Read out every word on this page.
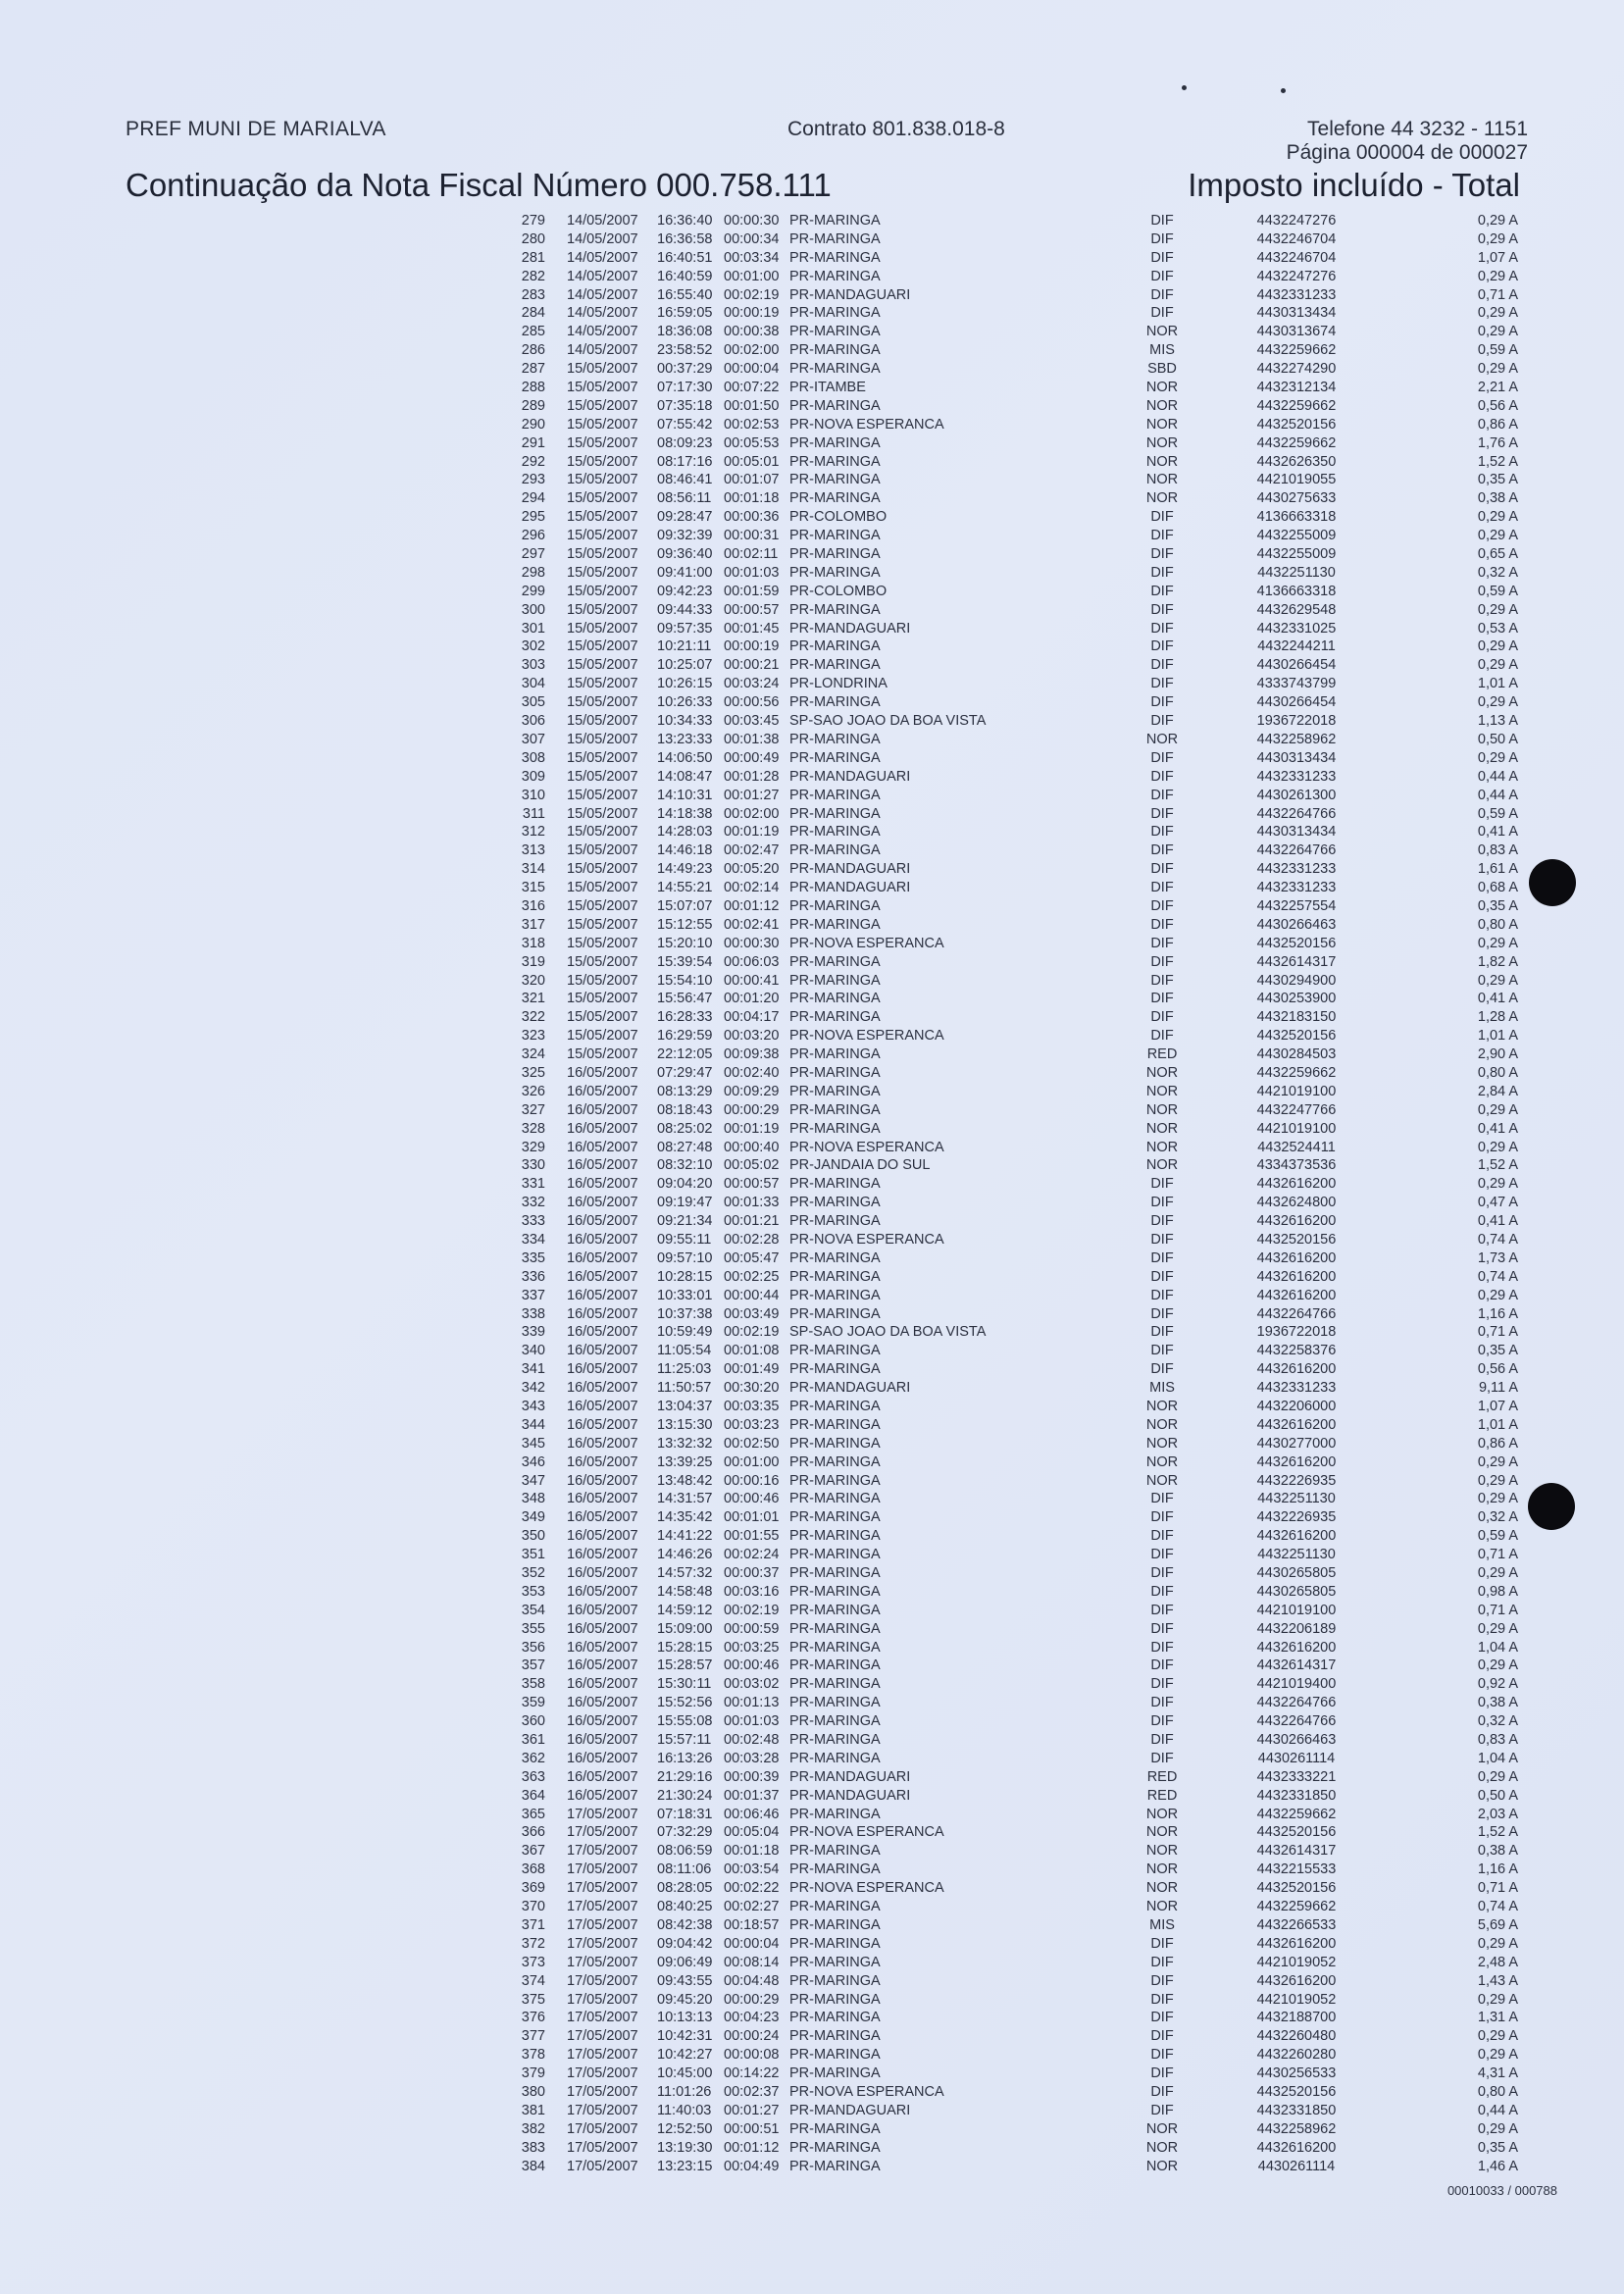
PREF MUNI DE MARIALVA	Contrato 801.838.018-8	Telefone 44 3232 - 1151
Página 000004 de 000027
Continuação da Nota Fiscal Número 000.758.111	Imposto incluído - Total
279 14/05/2007 16:36:40 00:00:30 PR-MARINGA	DIF	4432247276	0,29 A
280 14/05/2007 16:36:58 00:00:34 PR-MARINGA	DIF	4432246704	0,29 A
281 14/05/2007 16:40:51 00:03:34 PR-MARINGA	DIF	4432246704	1,07 A
282 14/05/2007 16:40:59 00:01:00 PR-MARINGA	DIF	4432247276	0,29 A
283 14/05/2007 16:55:40 00:02:19 PR-MANDAGUARI	DIF	4432331233	0,71 A
284 14/05/2007 16:59:05 00:00:19 PR-MARINGA	DIF	4430313434	0,29 A
285 14/05/2007 18:36:08 00:00:38 PR-MARINGA	NOR	4430313674	0,29 A
286 14/05/2007 23:58:52 00:02:00 PR-MARINGA	MIS	4432259662	0,59 A
287 15/05/2007 00:37:29 00:00:04 PR-MARINGA	SBD	4432274290	0,29 A
288 15/05/2007 07:17:30 00:07:22 PR-ITAMBE	NOR	4432312134	2,21 A
289 15/05/2007 07:35:18 00:01:50 PR-MARINGA	NOR	4432259662	0,56 A
290 15/05/2007 07:55:42 00:02:53 PR-NOVA ESPERANCA	NOR	4432520156	0,86 A
291 15/05/2007 08:09:23 00:05:53 PR-MARINGA	NOR	4432259662	1,76 A
292 15/05/2007 08:17:16 00:05:01 PR-MARINGA	NOR	4432626350	1,52 A
293 15/05/2007 08:46:41 00:01:07 PR-MARINGA	NOR	4421019055	0,35 A
294 15/05/2007 08:56:11 00:01:18 PR-MARINGA	NOR	4430275633	0,38 A
295 15/05/2007 09:28:47 00:00:36 PR-COLOMBO	DIF	4136663318	0,29 A
296 15/05/2007 09:32:39 00:00:31 PR-MARINGA	DIF	4432255009	0,29 A
297 15/05/2007 09:36:40 00:02:11 PR-MARINGA	DIF	4432255009	0,65 A
298 15/05/2007 09:41:00 00:01:03 PR-MARINGA	DIF	4432251130	0,32 A
299 15/05/2007 09:42:23 00:01:59 PR-COLOMBO	DIF	4136663318	0,59 A
300 15/05/2007 09:44:33 00:00:57 PR-MARINGA	DIF	4432629548	0,29 A
301 15/05/2007 09:57:35 00:01:45 PR-MANDAGUARI	DIF	4432331025	0,53 A
302 15/05/2007 10:21:11 00:00:19 PR-MARINGA	DIF	4432244211	0,29 A
303 15/05/2007 10:25:07 00:00:21 PR-MARINGA	DIF	4430266454	0,29 A
304 15/05/2007 10:26:15 00:03:24 PR-LONDRINA	DIF	4333743799	1,01 A
305 15/05/2007 10:26:33 00:00:56 PR-MARINGA	DIF	4430266454	0,29 A
306 15/05/2007 10:34:33 00:03:45 SP-SAO JOAO DA BOA VISTA	DIF	1936722018	1,13 A
307 15/05/2007 13:23:33 00:01:38 PR-MARINGA	NOR	4432258962	0,50 A
308 15/05/2007 14:06:50 00:00:49 PR-MARINGA	DIF	4430313434	0,29 A
309 15/05/2007 14:08:47 00:01:28 PR-MANDAGUARI	DIF	4432331233	0,44 A
310 15/05/2007 14:10:31 00:01:27 PR-MARINGA	DIF	4430261300	0,44 A
311 15/05/2007 14:18:38 00:02:00 PR-MARINGA	DIF	4432264766	0,59 A
312 15/05/2007 14:28:03 00:01:19 PR-MARINGA	DIF	4430313434	0,41 A
313 15/05/2007 14:46:18 00:02:47 PR-MARINGA	DIF	4432264766	0,83 A
314 15/05/2007 14:49:23 00:05:20 PR-MANDAGUARI	DIF	4432331233	1,61 A
315 15/05/2007 14:55:21 00:02:14 PR-MANDAGUARI	DIF	4432331233	0,68 A
316 15/05/2007 15:07:07 00:01:12 PR-MARINGA	DIF	4432257554	0,35 A
317 15/05/2007 15:12:55 00:02:41 PR-MARINGA	DIF	4430266463	0,80 A
318 15/05/2007 15:20:10 00:00:30 PR-NOVA ESPERANCA	DIF	4432520156	0,29 A
319 15/05/2007 15:39:54 00:06:03 PR-MARINGA	DIF	4432614317	1,82 A
320 15/05/2007 15:54:10 00:00:41 PR-MARINGA	DIF	4430294900	0,29 A
321 15/05/2007 15:56:47 00:01:20 PR-MARINGA	DIF	4430253900	0,41 A
322 15/05/2007 16:28:33 00:04:17 PR-MARINGA	DIF	4432183150	1,28 A
323 15/05/2007 16:29:59 00:03:20 PR-NOVA ESPERANCA	DIF	4432520156	1,01 A
324 15/05/2007 22:12:05 00:09:38 PR-MARINGA	RED	4430284503	2,90 A
325 16/05/2007 07:29:47 00:02:40 PR-MARINGA	NOR	4432259662	0,80 A
326 16/05/2007 08:13:29 00:09:29 PR-MARINGA	NOR	4421019100	2,84 A
327 16/05/2007 08:18:43 00:00:29 PR-MARINGA	NOR	4432247766	0,29 A
328 16/05/2007 08:25:02 00:01:19 PR-MARINGA	NOR	4421019100	0,41 A
329 16/05/2007 08:27:48 00:00:40 PR-NOVA ESPERANCA	NOR	4432524411	0,29 A
330 16/05/2007 08:32:10 00:05:02 PR-JANDAIA DO SUL	NOR	4334373536	1,52 A
331 16/05/2007 09:04:20 00:00:57 PR-MARINGA	DIF	4432616200	0,29 A
332 16/05/2007 09:19:47 00:01:33 PR-MARINGA	DIF	4432624800	0,47 A
333 16/05/2007 09:21:34 00:01:21 PR-MARINGA	DIF	4432616200	0,41 A
334 16/05/2007 09:55:11 00:02:28 PR-NOVA ESPERANCA	DIF	4432520156	0,74 A
335 16/05/2007 09:57:10 00:05:47 PR-MARINGA	DIF	4432616200	1,73 A
336 16/05/2007 10:28:15 00:02:25 PR-MARINGA	DIF	4432616200	0,74 A
337 16/05/2007 10:33:01 00:00:44 PR-MARINGA	DIF	4432616200	0,29 A
338 16/05/2007 10:37:38 00:03:49 PR-MARINGA	DIF	4432264766	1,16 A
339 16/05/2007 10:59:49 00:02:19 SP-SAO JOAO DA BOA VISTA	DIF	1936722018	0,71 A
340 16/05/2007 11:05:54 00:01:08 PR-MARINGA	DIF	4432258376	0,35 A
341 16/05/2007 11:25:03 00:01:49 PR-MARINGA	DIF	4432616200	0,56 A
342 16/05/2007 11:50:57 00:30:20 PR-MANDAGUARI	MIS	4432331233	9,11 A
343 16/05/2007 13:04:37 00:03:35 PR-MARINGA	NOR	4432206000	1,07 A
344 16/05/2007 13:15:30 00:03:23 PR-MARINGA	NOR	4432616200	1,01 A
345 16/05/2007 13:32:32 00:02:50 PR-MARINGA	NOR	4430277000	0,86 A
346 16/05/2007 13:39:25 00:01:00 PR-MARINGA	NOR	4432616200	0,29 A
347 16/05/2007 13:48:42 00:00:16 PR-MARINGA	NOR	4432226935	0,29 A
348 16/05/2007 14:31:57 00:00:46 PR-MARINGA	DIF	4432251130	0,29 A
349 16/05/2007 14:35:42 00:01:01 PR-MARINGA	DIF	4432226935	0,32 A
350 16/05/2007 14:41:22 00:01:55 PR-MARINGA	DIF	4432616200	0,59 A
351 16/05/2007 14:46:26 00:02:24 PR-MARINGA	DIF	4432251130	0,71 A
352 16/05/2007 14:57:32 00:00:37 PR-MARINGA	DIF	4430265805	0,29 A
353 16/05/2007 14:58:48 00:03:16 PR-MARINGA	DIF	4430265805	0,98 A
354 16/05/2007 14:59:12 00:02:19 PR-MARINGA	DIF	4421019100	0,71 A
355 16/05/2007 15:09:00 00:00:59 PR-MARINGA	DIF	4432206189	0,29 A
356 16/05/2007 15:28:15 00:03:25 PR-MARINGA	DIF	4432616200	1,04 A
357 16/05/2007 15:28:57 00:00:46 PR-MARINGA	DIF	4432614317	0,29 A
358 16/05/2007 15:30:11 00:03:02 PR-MARINGA	DIF	4421019400	0,92 A
359 16/05/2007 15:52:56 00:01:13 PR-MARINGA	DIF	4432264766	0,38 A
360 16/05/2007 15:55:08 00:01:03 PR-MARINGA	DIF	4432264766	0,32 A
361 16/05/2007 15:57:11 00:02:48 PR-MARINGA	DIF	4430266463	0,83 A
362 16/05/2007 16:13:26 00:03:28 PR-MARINGA	DIF	4430261114	1,04 A
363 16/05/2007 21:29:16 00:00:39 PR-MANDAGUARI	RED	4432333221	0,29 A
364 16/05/2007 21:30:24 00:01:37 PR-MANDAGUARI	RED	4432331850	0,50 A
365 17/05/2007 07:18:31 00:06:46 PR-MARINGA	NOR	4432259662	2,03 A
366 17/05/2007 07:32:29 00:05:04 PR-NOVA ESPERANCA	NOR	4432520156	1,52 A
367 17/05/2007 08:06:59 00:01:18 PR-MARINGA	NOR	4432614317	0,38 A
368 17/05/2007 08:11:06 00:03:54 PR-MARINGA	NOR	4432215533	1,16 A
369 17/05/2007 08:28:05 00:02:22 PR-NOVA ESPERANCA	NOR	4432520156	0,71 A
370 17/05/2007 08:40:25 00:02:27 PR-MARINGA	NOR	4432259662	0,74 A
371 17/05/2007 08:42:38 00:18:57 PR-MARINGA	MIS	4432266533	5,69 A
372 17/05/2007 09:04:42 00:00:04 PR-MARINGA	DIF	4432616200	0,29 A
373 17/05/2007 09:06:49 00:08:14 PR-MARINGA	DIF	4421019052	2,48 A
374 17/05/2007 09:43:55 00:04:48 PR-MARINGA	DIF	4432616200	1,43 A
375 17/05/2007 09:45:20 00:00:29 PR-MARINGA	DIF	4421019052	0,29 A
376 17/05/2007 10:13:13 00:04:23 PR-MARINGA	DIF	4432188700	1,31 A
377 17/05/2007 10:42:31 00:00:24 PR-MARINGA	DIF	4432260480	0,29 A
378 17/05/2007 10:42:27 00:00:08 PR-MARINGA	DIF	4432260280	0,29 A
379 17/05/2007 10:45:00 00:14:22 PR-MARINGA	DIF	4430256533	4,31 A
380 17/05/2007 11:01:26 00:02:37 PR-NOVA ESPERANCA	DIF	4432520156	0,80 A
381 17/05/2007 11:40:03 00:01:27 PR-MANDAGUARI	DIF	4432331850	0,44 A
382 17/05/2007 12:52:50 00:00:51 PR-MARINGA	NOR	4432258962	0,29 A
383 17/05/2007 13:19:30 00:01:12 PR-MARINGA	NOR	4432616200	0,35 A
384 17/05/2007 13:23:15 00:04:49 PR-MARINGA	NOR	4430261114	1,46 A
00010033 / 000788
